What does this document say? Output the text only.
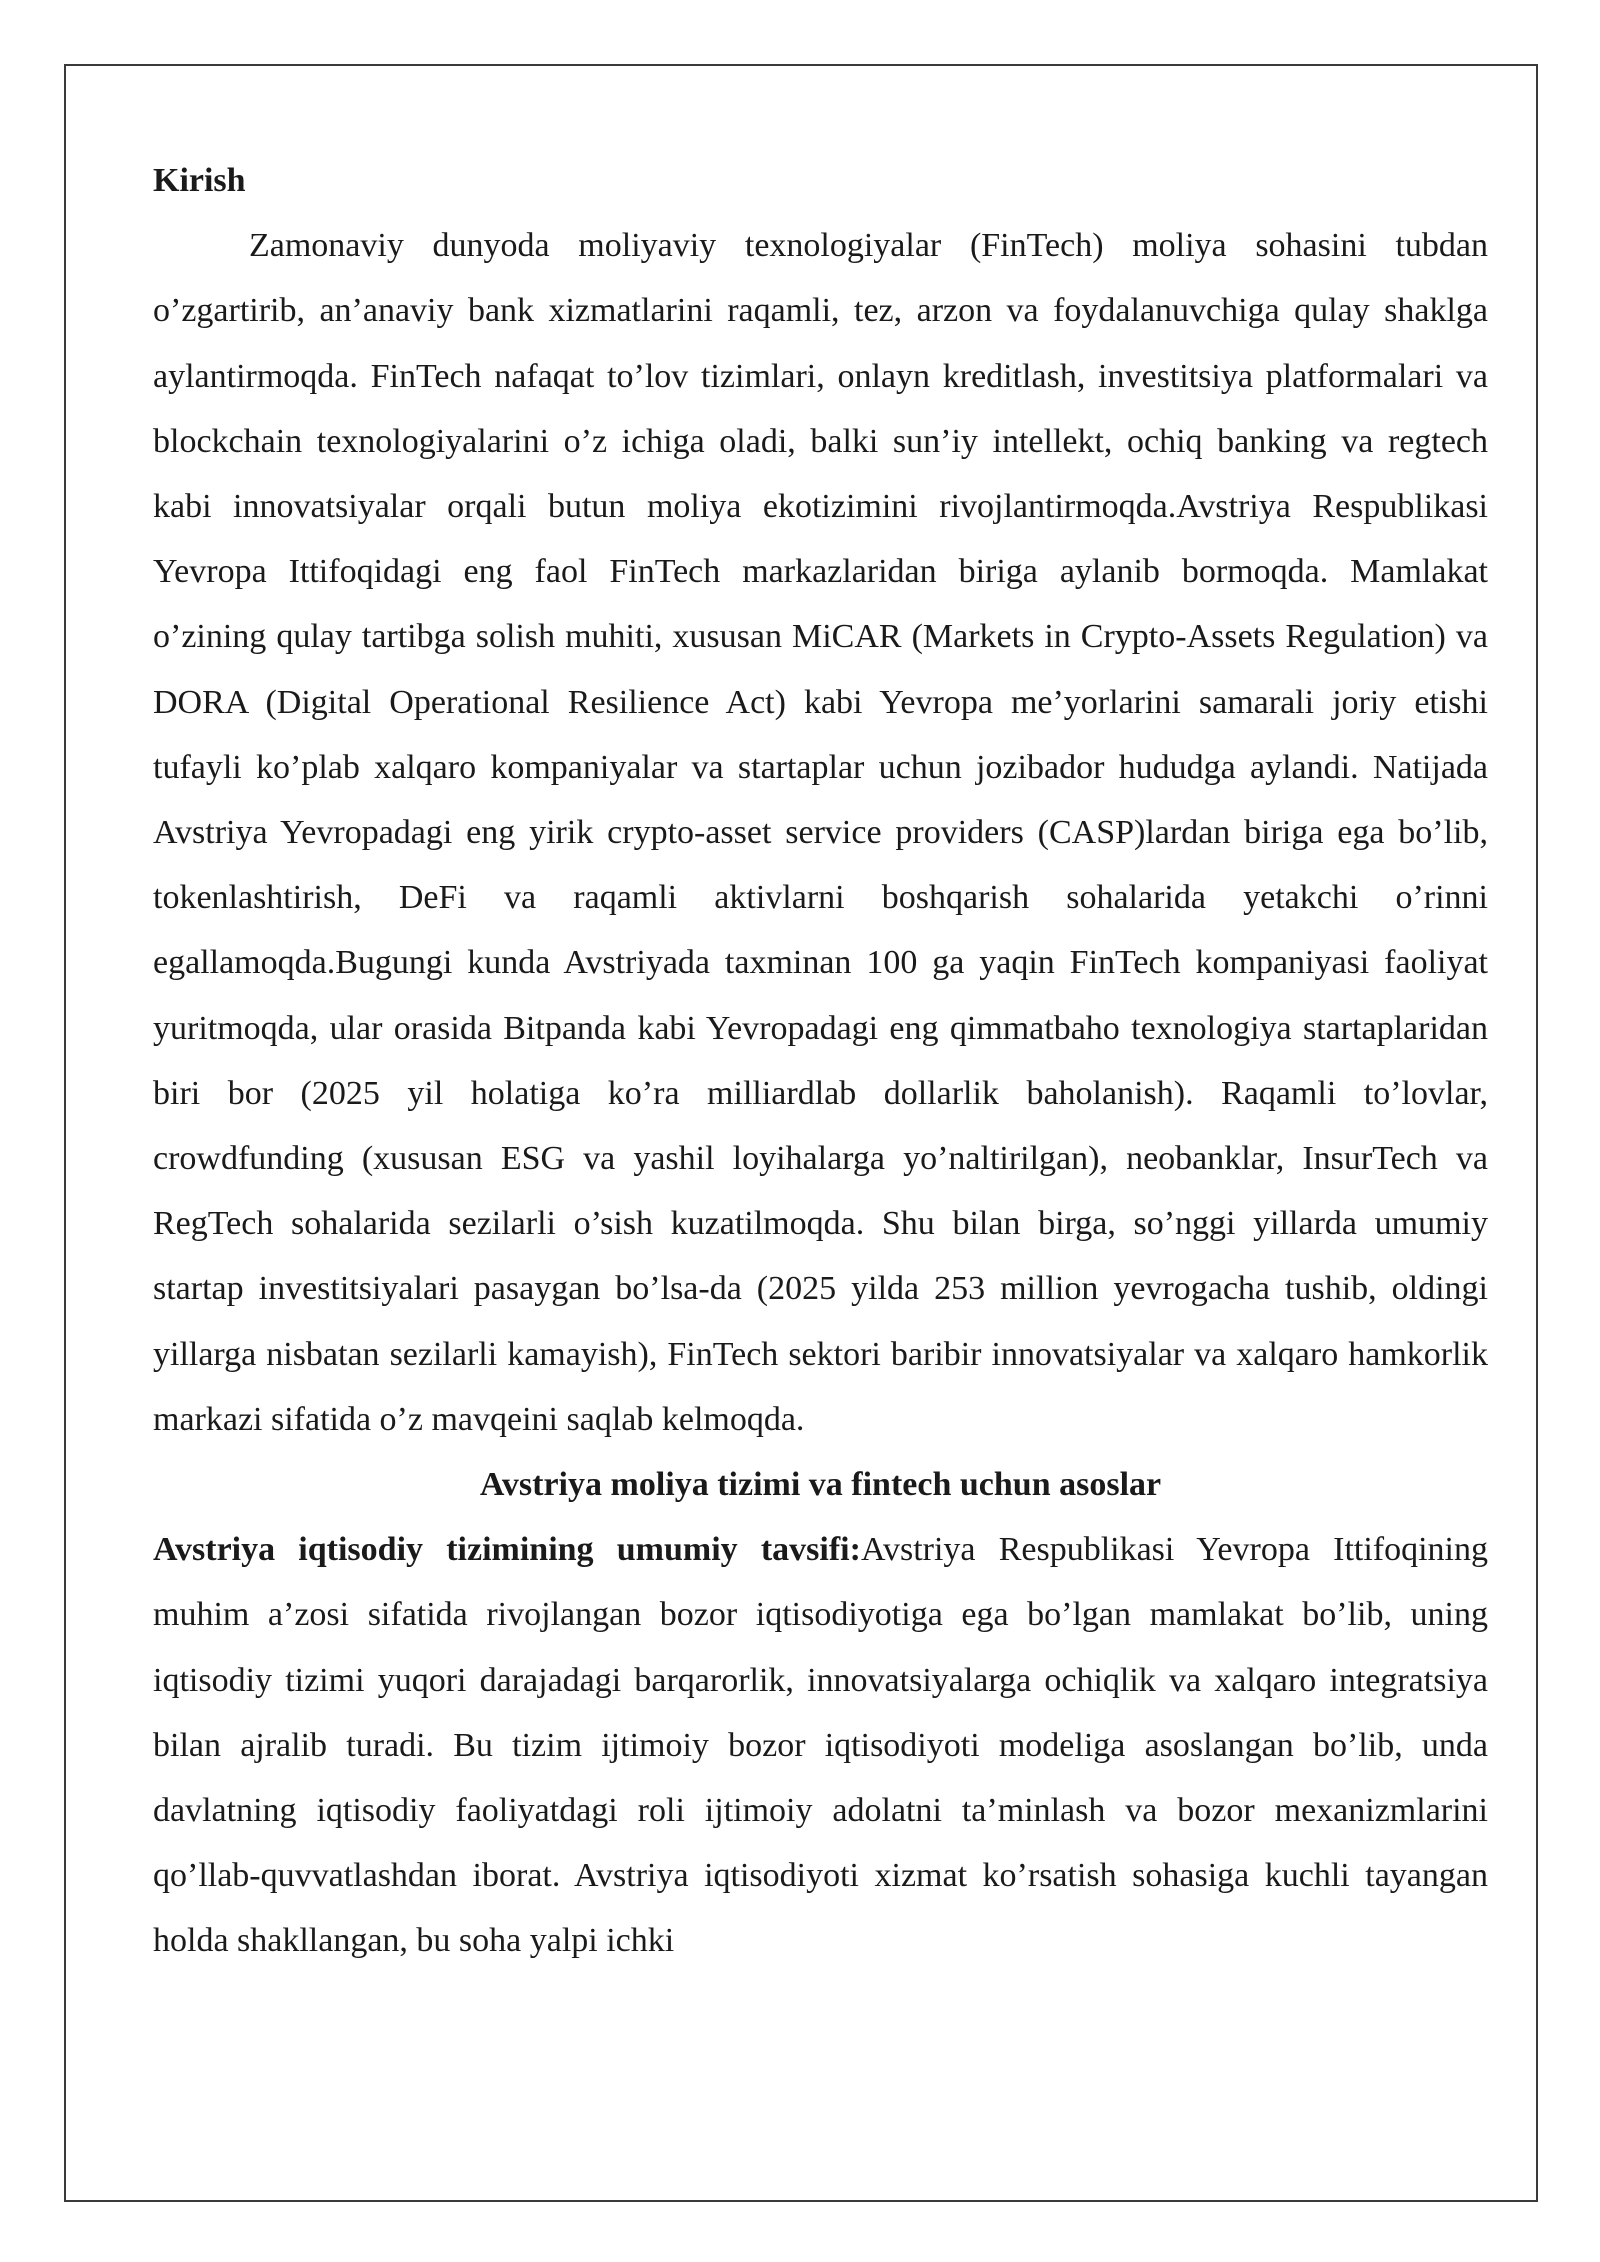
Kirish

Zamonaviy dunyoda moliyaviy texnologiyalar (FinTech) moliya sohasini tubdan o’zgartirib, an’anaviy bank xizmatlarini raqamli, tez, arzon va foydalanuvchiga qulay shaklga aylantirmoqda. FinTech nafaqat to’lov tizimlari, onlayn kreditlash, investitsiya platformalari va blockchain texnologiyalarini o’z ichiga oladi, balki sun’iy intellekt, ochiq banking va regtech kabi innovatsiyalar orqali butun moliya ekotizimini rivojlantirmoqda.Avstriya Respublikasi Yevropa Ittifoqidagi eng faol FinTech markazlaridan biriga aylanib bormoqda. Mamlakat o’zining qulay tartibga solish muhiti, xususan MiCAR (Markets in Crypto-Assets Regulation) va DORA (Digital Operational Resilience Act) kabi Yevropa me’yorlarini samarali joriy etishi tufayli ko’plab xalqaro kompaniyalar va startaplar uchun jozibador hududga aylandi. Natijada Avstriya Yevropadagi eng yirik crypto-asset service providers (CASP)lardan biriga ega bo’lib, tokenlashtirish, DeFi va raqamli aktivlarni boshqarish sohalarida yetakchi o’rinni egallamoqda.Bugungi kunda Avstriyada taxminan 100 ga yaqin FinTech kompaniyasi faoliyat yuritmoqda, ular orasida Bitpanda kabi Yevropadagi eng qimmatbaho texnologiya startaplaridan biri bor (2025 yil holatiga ko’ra milliardlab dollarlik baholanish). Raqamli to’lovlar, crowdfunding (xususan ESG va yashil loyihalarga yo’naltirilgan), neobanklar, InsurTech va RegTech sohalarida sezilarli o’sish kuzatilmoqda. Shu bilan birga, so’nggi yillarda umumiy startap investitsiyalari pasaygan bo’lsa-da (2025 yilda 253 million yevrogacha tushib, oldingi yillarga nisbatan sezilarli kamayish), FinTech sektori baribir innovatsiyalar va xalqaro hamkorlik markazi sifatida o’z mavqeini saqlab kelmoqda.

Avstriya moliya tizimi va fintech uchun asoslar

Avstriya iqtisodiy tizimining umumiy tavsifi:Avstriya Respublikasi Yevropa Ittifoqining muhim a’zosi sifatida rivojlangan bozor iqtisodiyotiga ega bo’lgan mamlakat bo’lib, uning iqtisodiy tizimi yuqori darajadagi barqarorlik, innovatsiyalarga ochiqlik va xalqaro integratsiya bilan ajralib turadi. Bu tizim ijtimoiy bozor iqtisodiyoti modeliga asoslangan bo’lib, unda davlatning iqtisodiy faoliyatdagi roli ijtimoiy adolatni ta’minlash va bozor mexanizmlarini qo’llab-quvvatlashdan iborat. Avstriya iqtisodiyoti xizmat ko’rsatish sohasiga kuchli tayangan holda shakllangan, bu soha yalpi ichki
